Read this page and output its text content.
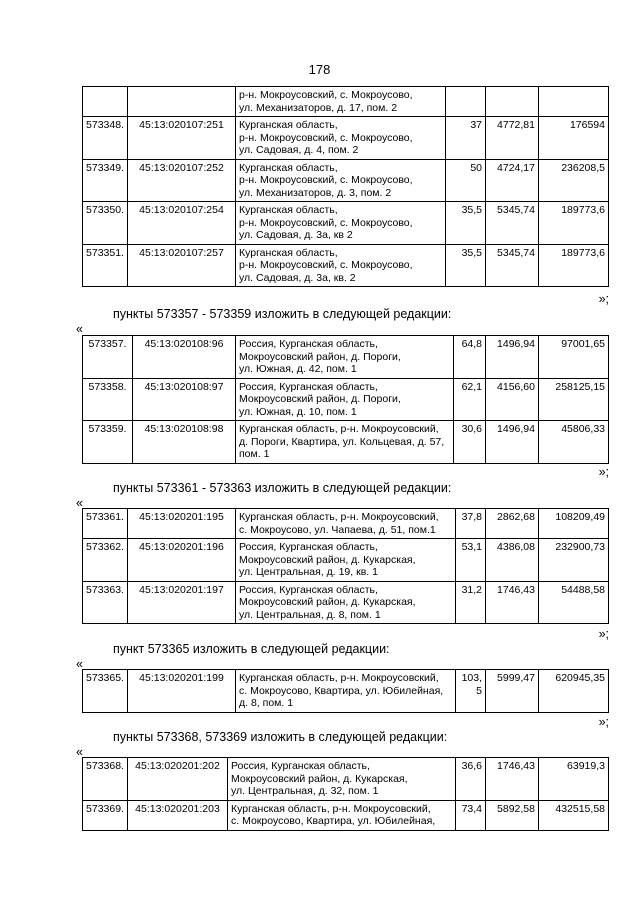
178

		р-н. Мокроусовский, с. Мокроусово,
ул. Механизаторов, д. 17, пом. 2			

573348.	45:13:020107:251	Курганская область,
р-н. Мокроусовский, с. Мокроусово,
ул. Садовая, д. 4, пом. 2	37	4772,81	176594
573349.	45:13:020107:252	Курганская область,
р-н. Мокроусовский, с. Мокроусово,
ул. Механизаторов, д. 3, пом. 2	50	4724,17	236208,5
573350.	45:13:020107:254	Курганская область,
р-н. Мокроусовский, с. Мокроусово,
ул. Садовая, д. 3а, кв 2	35,5	5345,74	189773,6
573351.	45:13:020107:257	Курганская область,
р-н. Мокроусовский, с. Мокроусово,
ул. Садовая, д. 3а, кв. 2	35,5	5345,74	189773,6
»;
пункты 573357 - 573359 изложить в следующей редакции:
«
573357.	45:13:020108:96	Россия, Курганская область,
Мокроусовский район, д. Пороги,
ул. Южная, д. 42, пом. 1	64,8	1496,94	97001,65
573358.	45:13:020108:97	Россия, Курганская область,
Мокроусовский район, д. Пороги,
ул. Южная, д. 10, пом. 1	62,1	4156,60	258125,15
573359.	45:13:020108:98	Курганская область, р-н. Мокроусовский,
д. Пороги, Квартира, ул. Кольцевая, д. 57,
пом. 1	30,6	1496,94	45806,33
»;
пункты 573361 - 573363 изложить в следующей редакции:
«
573361.	45:13:020201:195	Курганская область, р-н. Мокроусовский,
с. Мокроусово, ул. Чапаева, д. 51, пом.1	37,8	2862,68	108209,49
573362.	45:13:020201:196	Россия, Курганская область,
Мокроусовский район, д. Кукарская,
ул. Центральная, д. 19, кв. 1	53,1	4386,08	232900,73
573363.	45:13:020201:197	Россия, Курганская область,
Мокроусовский район, д. Кукарская,
ул. Центральная, д. 8, пом. 1	31,2	1746,43	54488,58
»;
пункт 573365 изложить в следующей редакции:
«
573365.	45:13:020201:199	Курганская область, р-н. Мокроусовский,
с. Мокроусово, Квартира, ул. Юбилейная,
д. 8, пом. 1
	103,
5	5999,47	620945,35
»;
пункты 573368, 573369 изложить в следующей редакции:
«
573368.	45:13:020201:202	Россия, Курганская область,
Мокроусовский район, д. Кукарская,
ул. Центральная, д. 32, пом. 1	36,6	1746,43	63919,3
573369.	45:13:020201:203	Курганская область, р-н. Мокроусовский,
с. Мокроусово, Квартира, ул. Юбилейная,	73,4	5892,58	432515,58
